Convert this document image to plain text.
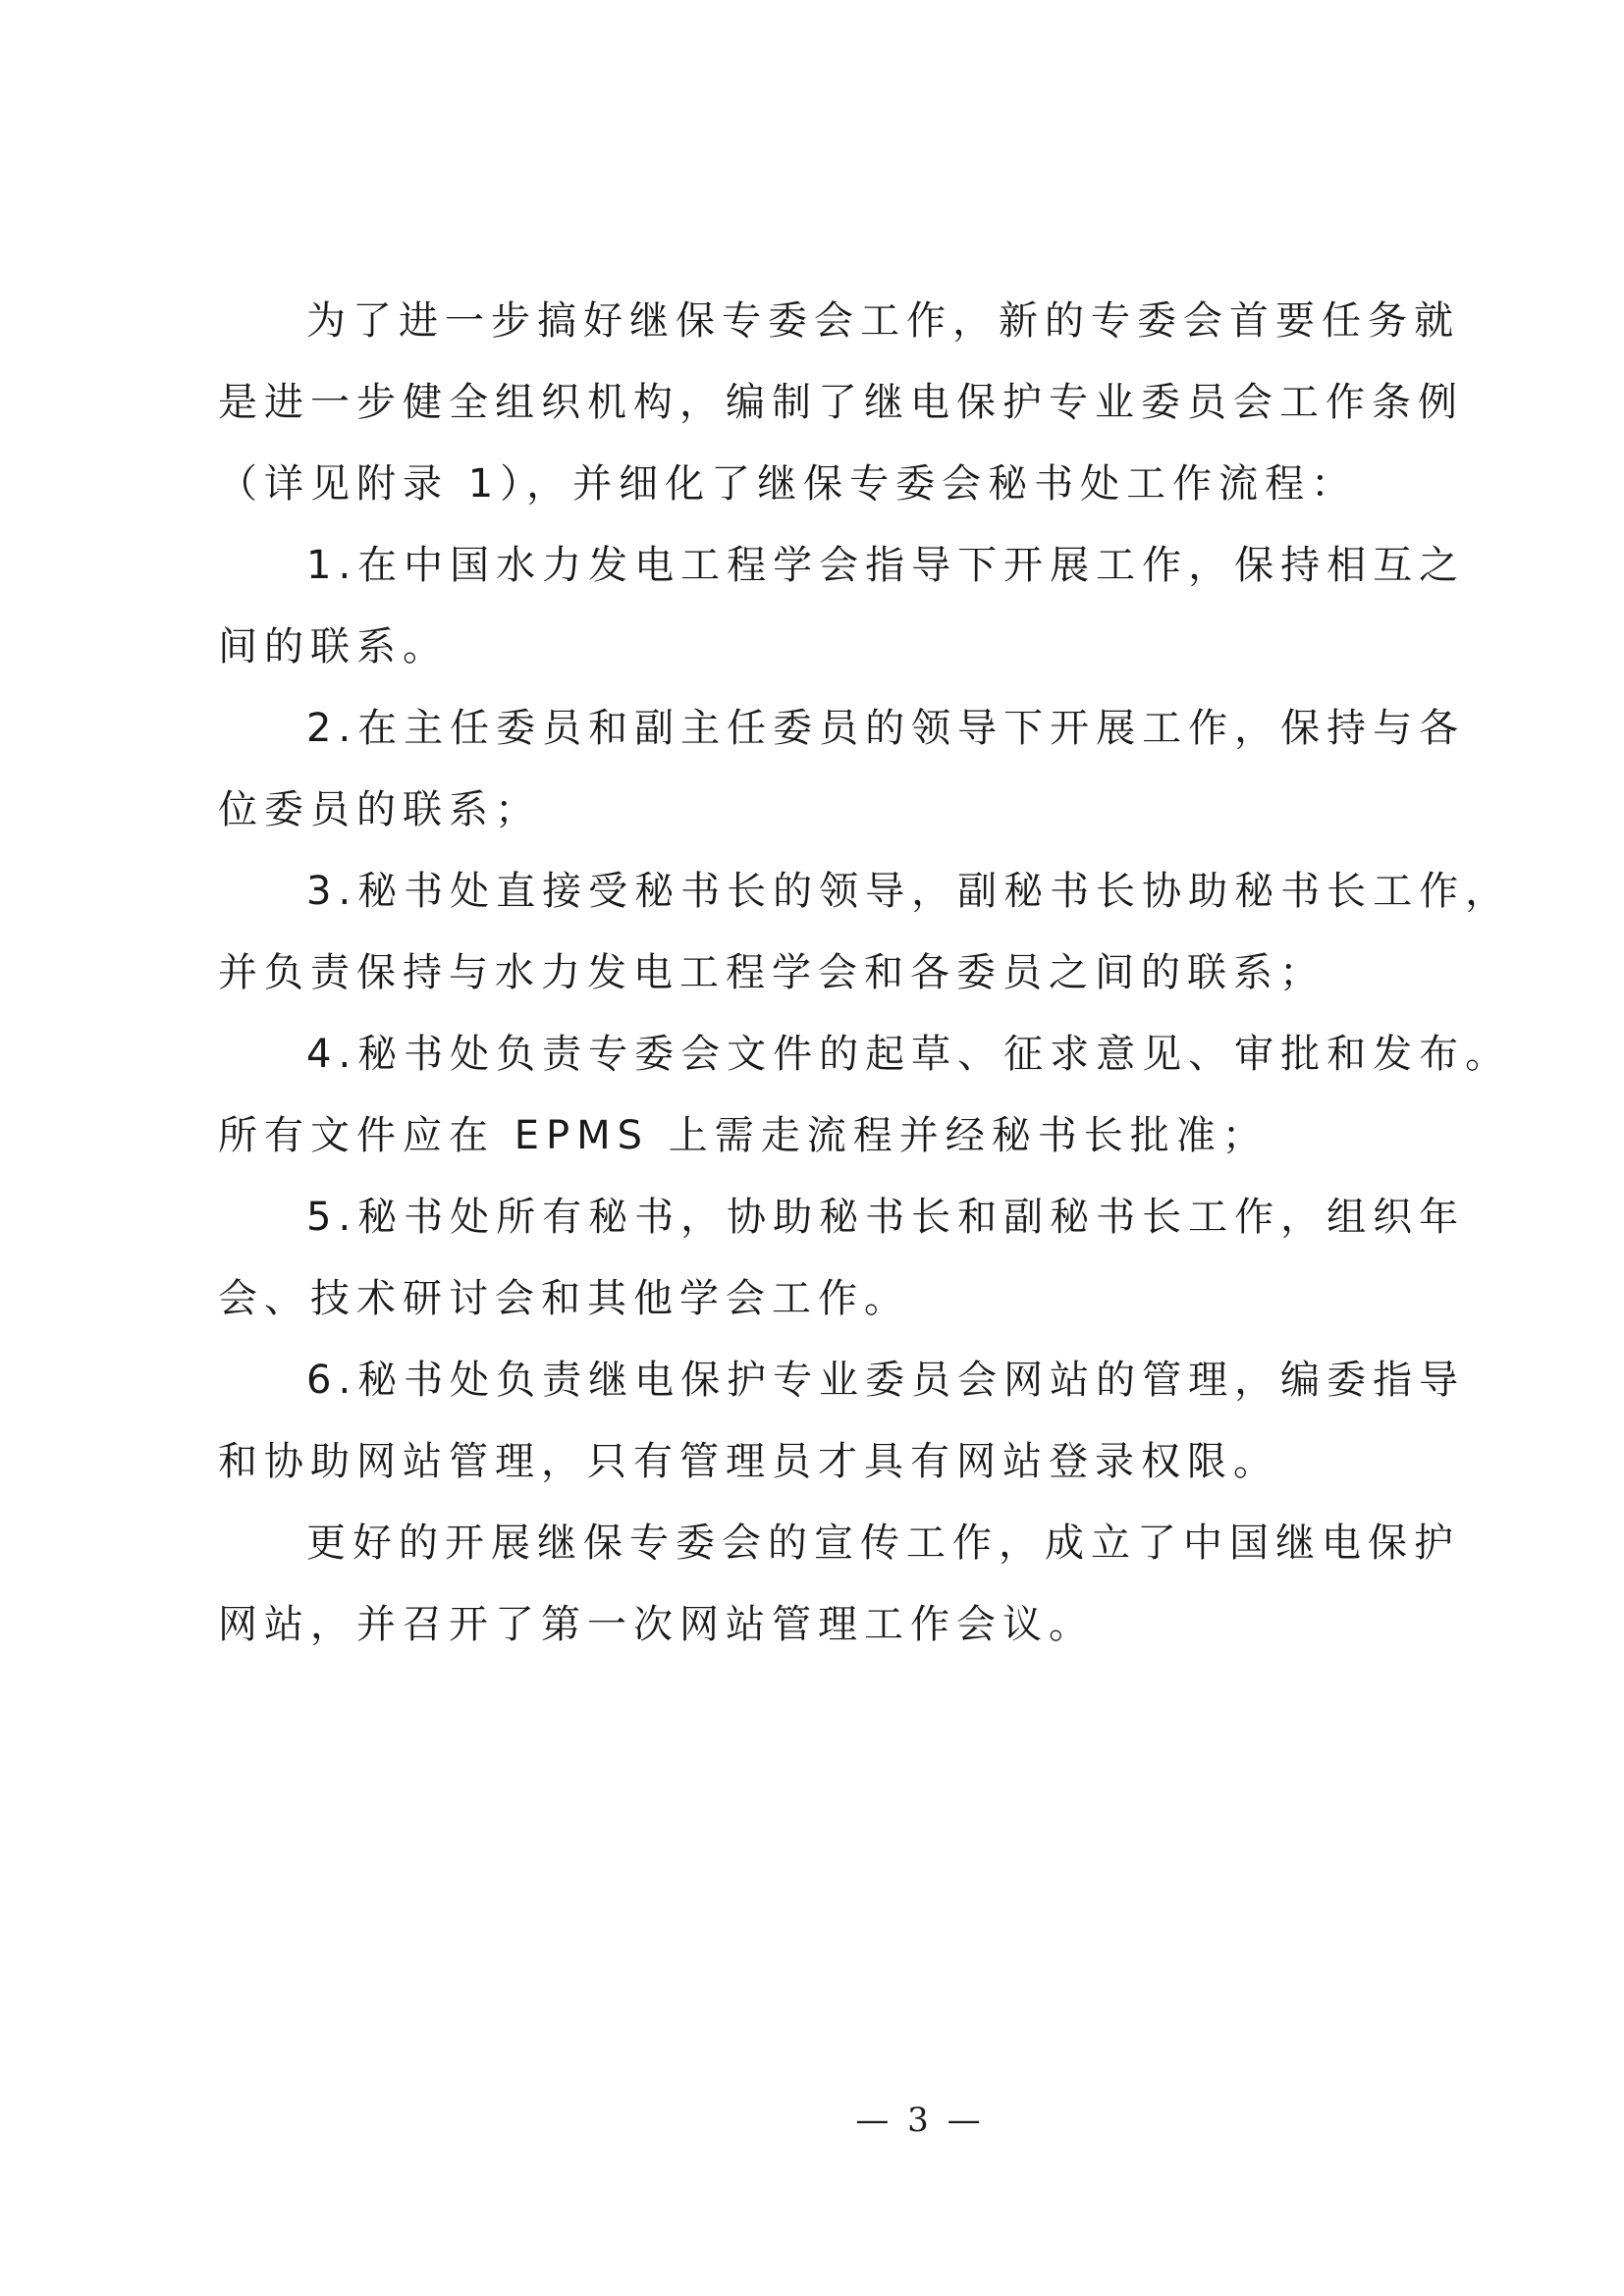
为了进一步搞好继保专委会工作，新的专委会首要任务就
是进一步健全组织机构，编制了继电保护专业委员会工作条例
（详见附录 1），并细化了继保专委会秘书处工作流程：
1.在中国水力发电工程学会指导下开展工作，保持相互之
间的联系。
2.在主任委员和副主任委员的领导下开展工作，保持与各
位委员的联系；
3.秘书处直接受秘书长的领导，副秘书长协助秘书长工作，
并负责保持与水力发电工程学会和各委员之间的联系；
4.秘书处负责专委会文件的起草、征求意见、审批和发布。
所有文件应在 EPMS 上需走流程并经秘书长批准；
5.秘书处所有秘书，协助秘书长和副秘书长工作，组织年
会、技术研讨会和其他学会工作。
6.秘书处负责继电保护专业委员会网站的管理，编委指导
和协助网站管理，只有管理员才具有网站登录权限。
更好的开展继保专委会的宣传工作，成立了中国继电保护
网站，并召开了第一次网站管理工作会议。
— 3 —
